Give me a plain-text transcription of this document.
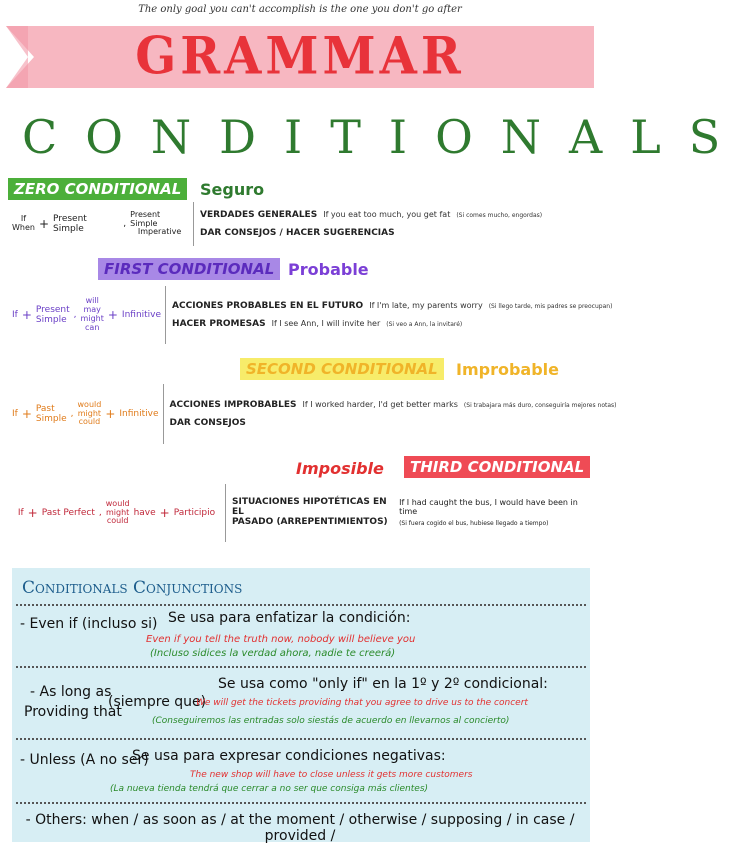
The only goal you can't accomplish is the one you don't go after
GRAMMAR
CONDITIONALS
ZERO CONDITIONAL	Seguro
If
When + Present Simple	,
Present Simple
Imperative
VERDADES GENERALES If you eat too much, you get fat (Si comes mucho, engordas)
DAR CONSEJOS / HACER SUGERENCIAS
FIRST CONDITIONAL Probable
If + Present Simple ,
will
may
might
can
+ Infinitive
ACCIONES PROBABLES EN EL FUTURO If I'm late, my parents worry (Si llego tarde, mis padres se preocupan)
HACER PROMESAS If I see Ann, I will invite her (Si veo a Ann, la invitaré)
SECOND CONDITIONAL	Improbable
If + Past Simple ,
would
might
could
+ Infinitive
ACCIONES IMPROBABLES If I worked harder, I'd get better marks (Si trabajara más duro, conseguiría mejores notas)
DAR CONSEJOS
Imposible	THIRD CONDITIONAL
If + Past Perfect ,
would
might
could
have + Participio
SITUACIONES HIPOTÉTICAS EN EL
PASADO (ARREPENTIMIENTOS)
If I had caught the bus, I would have been in time
(Si fuera cogido el bus, hubiese llegado a tiempo)
Conditionals Conjunctions
- Even if (incluso si) Se usa para enfatizar la condición:
Even if you tell the truth now, nobody will believe you
(Incluso sidices la verdad ahora, nadie te creerá)
- As long as
Providing that
(siempre que)
Se usa como "only if" en la 1º y 2º condicional:
We will get the tickets providing that you agree to drive us to the concert
(Conseguiremos las entradas solo siestás de acuerdo en llevarnos al concierto)
- Unless (A no ser)
Se usa para expresar condiciones negativas:
The new shop will have to close unless it gets more customers
(La nueva tienda tendrá que cerrar a no ser que consiga más clientes)
- Others: when / as soon as / at the moment / otherwise / supposing / in case / provided /
